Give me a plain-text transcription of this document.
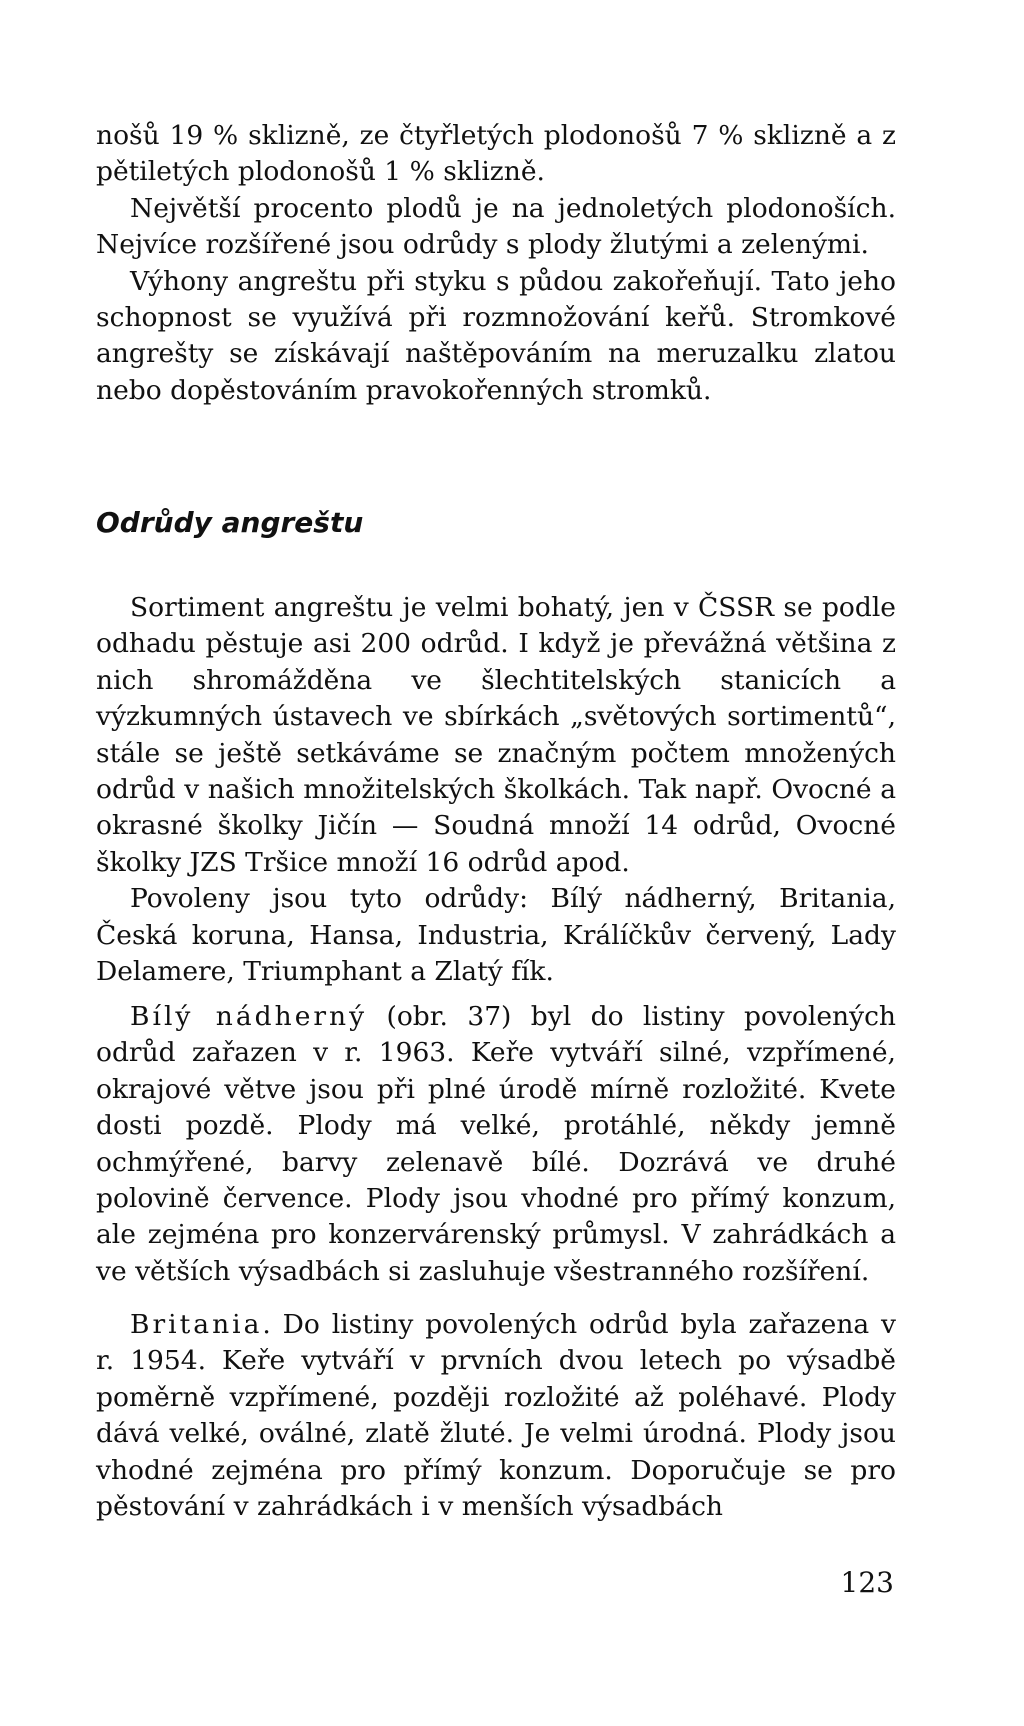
nošů 19 % sklizně, ze čtyřletých plodonošů 7 % sklizně a z pětiletých plodonošů 1 % sklizně.

Největší procento plodů je na jednoletých plodonoších. Nejvíce rozšířené jsou odrůdy s plody žlutými a zelenými.

Výhony angreštu při styku s půdou zakořeňují. Tato jeho schopnost se využívá při rozmnožování keřů. Stromkové angrešty se získávají naštěpováním na meruzalku zlatou nebo dopěstováním pravokořenných stromků.

Odrůdy angreštu

Sortiment angreštu je velmi bohatý, jen v ČSSR se podle odhadu pěstuje asi 200 odrůd. I když je převážná většina z nich shromážděna ve šlechtitelských stanicích a výzkumných ústavech ve sbírkách „světových sortimentů“, stále se ještě setkáváme se značným počtem množených odrůd v našich množitelských školkách. Tak např. Ovocné a okrasné školky Jičín — Soudná množí 14 odrůd, Ovocné školky JZS Tršice množí 16 odrůd apod.

Povoleny jsou tyto odrůdy: Bílý nádherný, Britania, Česká koruna, Hansa, Industria, Králíčkův červený, Lady Delamere, Triumphant a Zlatý fík.

Bílý nádherný (obr. 37) byl do listiny povolených odrůd zařazen v r. 1963. Keře vytváří silné, vzpřímené, okrajové větve jsou při plné úrodě mírně rozložité. Kvete dosti pozdě. Plody má velké, protáhlé, někdy jemně ochmýřené, barvy zelenavě bílé. Dozrává ve druhé polovině července. Plody jsou vhodné pro přímý konzum, ale zejména pro konzervárenský průmysl. V zahrádkách a ve větších výsadbách si zasluhuje všestranného rozšíření.

Britania. Do listiny povolených odrůd byla zařazena v r. 1954. Keře vytváří v prvních dvou letech po výsadbě poměrně vzpřímené, později rozložité až poléhavé. Plody dává velké, oválné, zlatě žluté. Je velmi úrodná. Plody jsou vhodné zejména pro přímý konzum. Doporučuje se pro pěstování v zahrádkách i v menších výsadbách

123
